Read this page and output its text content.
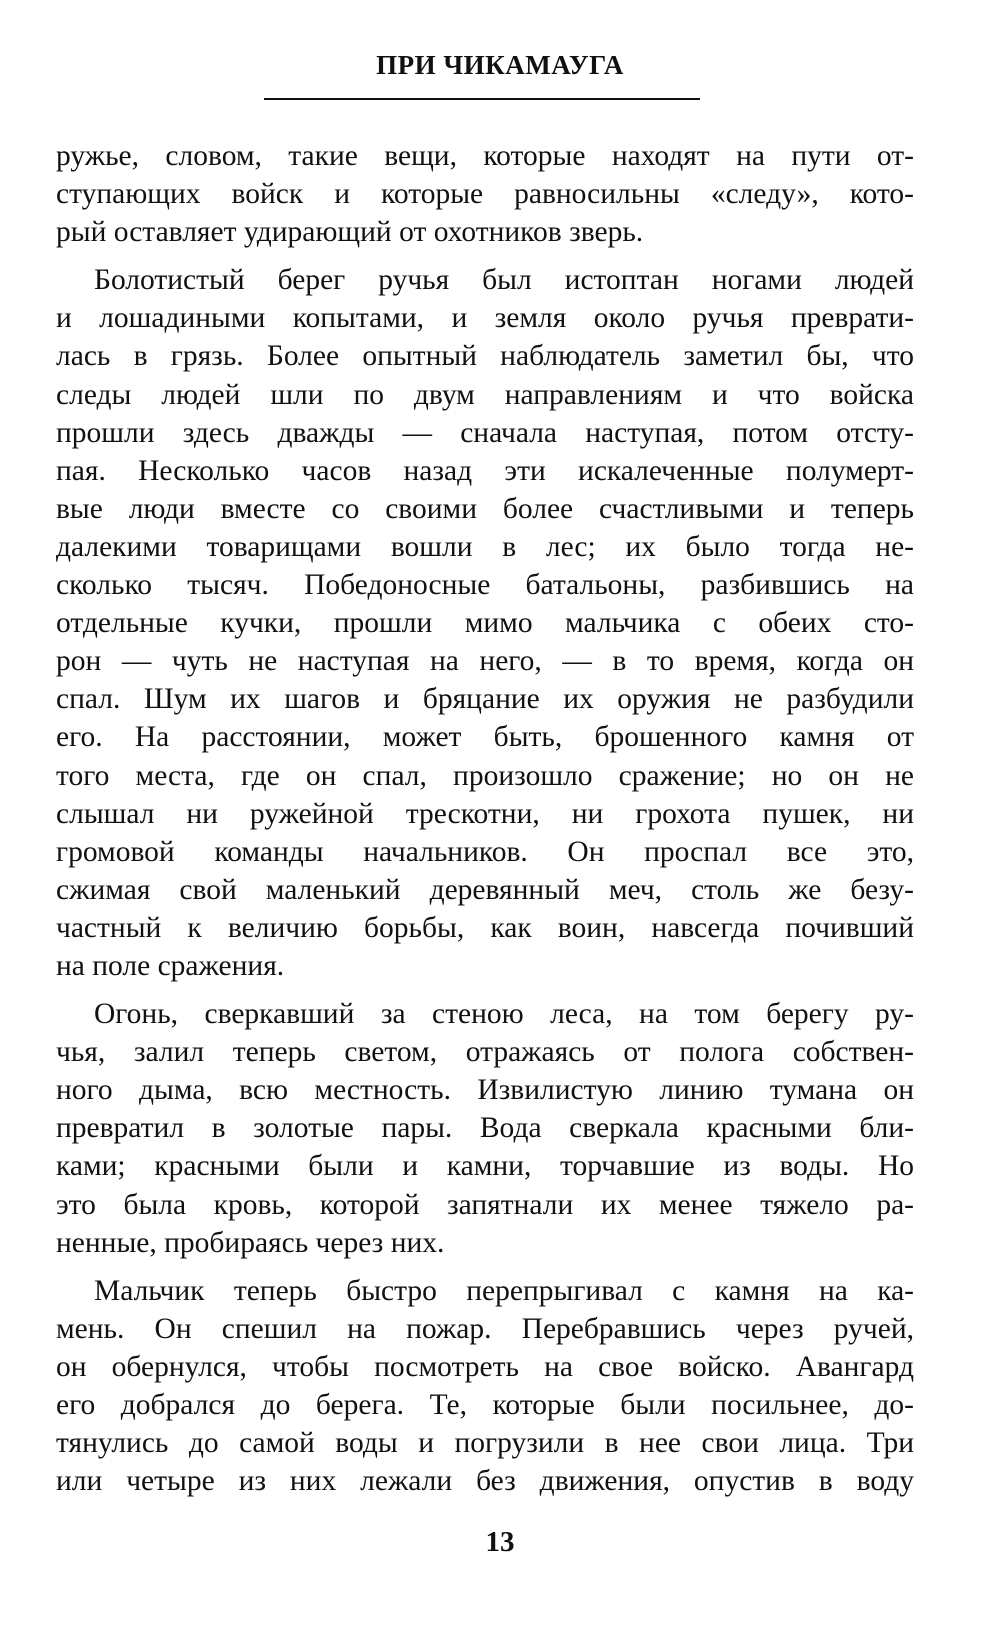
ПРИ ЧИКАМАУГА
ружье, словом, такие вещи, которые находят на пути от-
ступающих войск и которые равносильны «следу», кото-
рый оставляет удирающий от охотников зверь.
Болотистый берег ручья был истоптан ногами людей
и лошадиными копытами, и земля около ручья преврати-
лась в грязь. Более опытный наблюдатель заметил бы, что
следы людей шли по двум направлениям и что войска
прошли здесь дважды — сначала наступая, потом отсту-
пая. Несколько часов назад эти искалеченные полумерт-
вые люди вместе со своими более счастливыми и теперь
далекими товарищами вошли в лес; их было тогда не-
сколько тысяч. Победоносные батальоны, разбившись на
отдельные кучки, прошли мимо мальчика с обеих сто-
рон — чуть не наступая на него, — в то время, когда он
спал. Шум их шагов и бряцание их оружия не разбудили
его. На расстоянии, может быть, брошенного камня от
того места, где он спал, произошло сражение; но он не
слышал ни ружейной трескотни, ни грохота пушек, ни
громовой команды начальников. Он проспал все это,
сжимая свой маленький деревянный меч, столь же безу-
частный к величию борьбы, как воин, навсегда почивший
на поле сражения.
Огонь, сверкавший за стеною леса, на том берегу ру-
чья, залил теперь светом, отражаясь от полога собствен-
ного дыма, всю местность. Извилистую линию тумана он
превратил в золотые пары. Вода сверкала красными бли-
ками; красными были и камни, торчавшие из воды. Но
это была кровь, которой запятнали их менее тяжело ра-
ненные, пробираясь через них.
Мальчик теперь быстро перепрыгивал с камня на ка-
мень. Он спешил на пожар. Перебравшись через ручей,
он обернулся, чтобы посмотреть на свое войско. Авангард
его добрался до берега. Те, которые были посильнее, до-
тянулись до самой воды и погрузили в нее свои лица. Три
или четыре из них лежали без движения, опустив в воду
13
